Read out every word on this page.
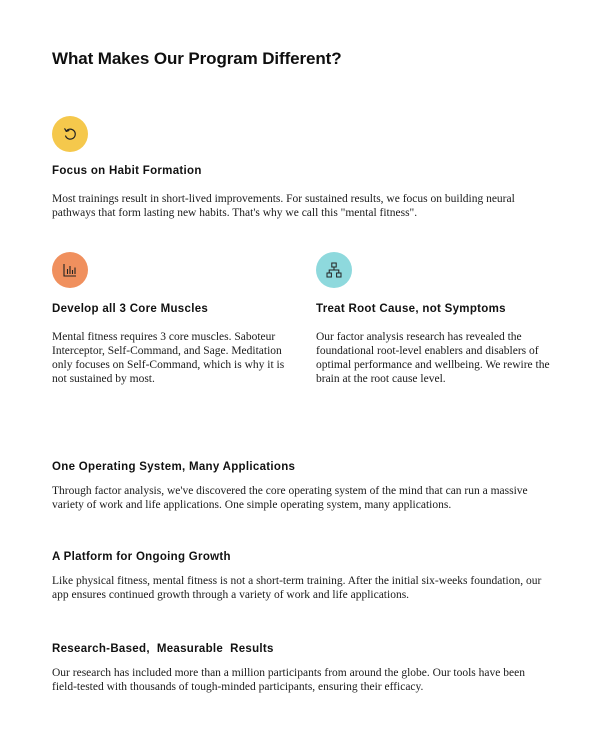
What Makes Our Program Different?
Focus on Habit Formation

Most trainings result in short-lived improvements. For sustained results, we focus on building neural pathways that form lasting new habits. That's why we call this "mental fitness".

Develop all 3 Core Muscles

Mental fitness requires 3 core muscles. Saboteur Interceptor, Self-Command, and Sage. Meditation only focuses on Self-Command, which is why it is not sustained by most.

Treat Root Cause, not Symptoms

Our factor analysis research has revealed the foundational root-level enablers and disablers of optimal performance and wellbeing. We rewire the brain at the root cause level.

One Operating System, Many Applications

Through factor analysis, we've discovered the core operating system of the mind that can run a massive variety of work and life applications. One simple operating system, many applications.

A Platform for Ongoing Growth

Like physical fitness, mental fitness is not a short-term training. After the initial six-weeks foundation, our app ensures continued growth through a variety of work and life applications.

Research-Based,  Measurable  Results

Our research has included more than a million participants from around the globe. Our tools have been field-tested with thousands of tough-minded participants, ensuring their efficacy.
